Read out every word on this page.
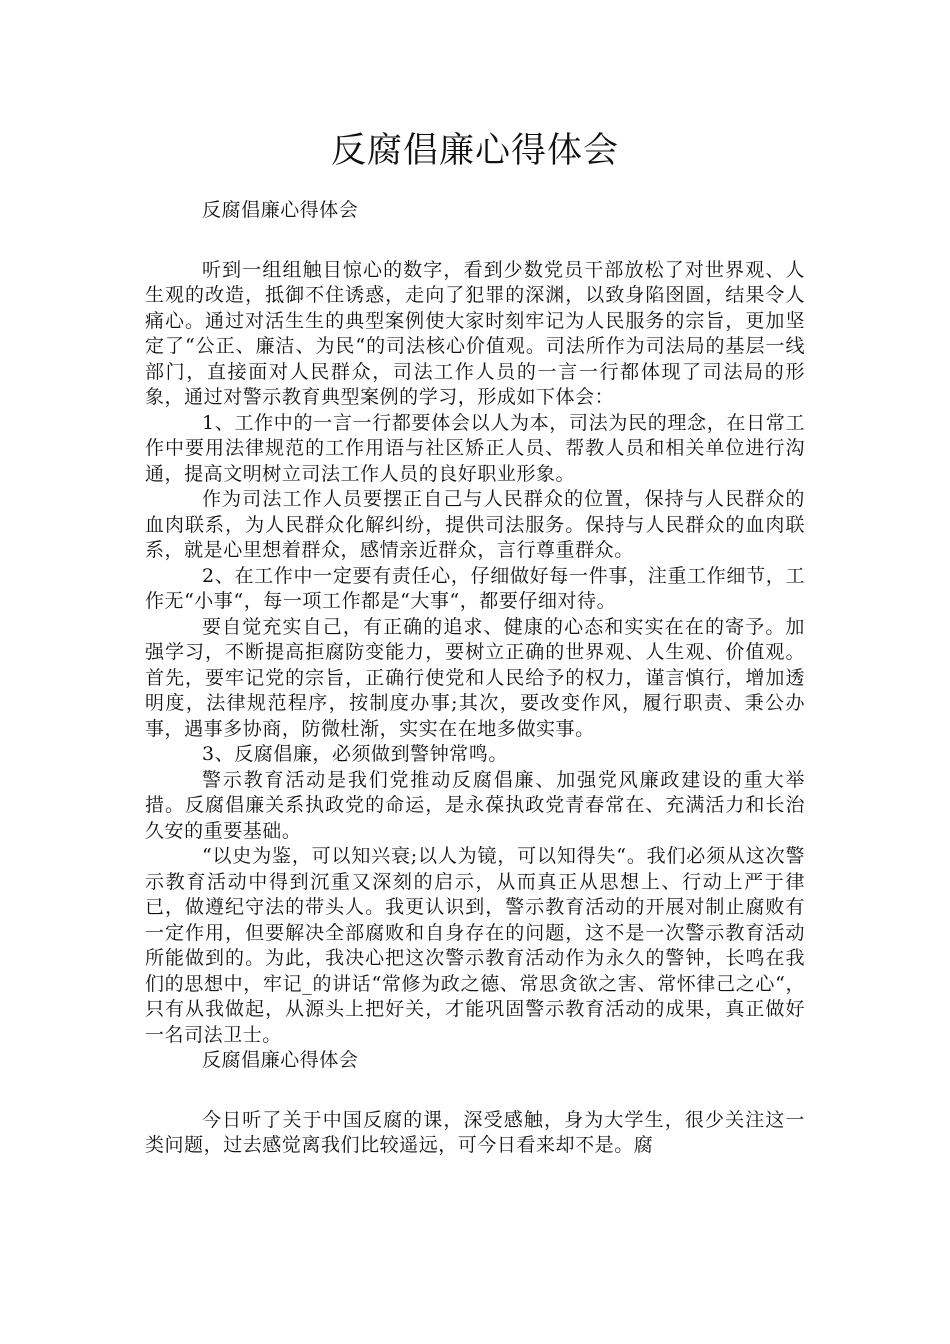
反腐倡廉心得体会

反腐倡廉心得体会

听到一组组触目惊心的数字，看到少数党员干部放松了对世界观、人生观的改造，抵御不住诱惑，走向了犯罪的深渊，以致身陷囹圄，结果令人痛心。通过对活生生的典型案例使大家时刻牢记为人民服务的宗旨，更加坚定了“公正、廉洁、为民“的司法核心价值观。司法所作为司法局的基层一线部门，直接面对人民群众，司法工作人员的一言一行都体现了司法局的形象，通过对警示教育典型案例的学习，形成如下体会：

1、工作中的一言一行都要体会以人为本，司法为民的理念，在日常工作中要用法律规范的工作用语与社区矫正人员、帮教人员和相关单位进行沟通，提高文明树立司法工作人员的良好职业形象。

作为司法工作人员要摆正自己与人民群众的位置，保持与人民群众的血肉联系，为人民群众化解纠纷，提供司法服务。保持与人民群众的血肉联系，就是心里想着群众，感情亲近群众，言行尊重群众。

2、在工作中一定要有责任心，仔细做好每一件事，注重工作细节，工作无“小事“，每一项工作都是“大事“，都要仔细对待。

要自觉充实自己，有正确的追求、健康的心态和实实在在的寄予。加强学习，不断提高拒腐防变能力，要树立正确的世界观、人生观、价值观。首先，要牢记党的宗旨，正确行使党和人民给予的权力，谨言慎行，增加透明度，法律规范程序，按制度办事;其次，要改变作风，履行职责、秉公办事，遇事多协商，防微杜渐，实实在在地多做实事。

3、反腐倡廉，必须做到警钟常鸣。

警示教育活动是我们党推动反腐倡廉、加强党风廉政建设的重大举措。反腐倡廉关系执政党的命运，是永葆执政党青春常在、充满活力和长治久安的重要基础。

“以史为鉴，可以知兴衰;以人为镜，可以知得失“。我们必须从这次警示教育活动中得到沉重又深刻的启示，从而真正从思想上、行动上严于律已，做遵纪守法的带头人。我更认识到，警示教育活动的开展对制止腐败有一定作用，但要解决全部腐败和自身存在的问题，这不是一次警示教育活动所能做到的。为此，我决心把这次警示教育活动作为永久的警钟，长鸣在我们的思想中，牢记_的讲话“常修为政之德、常思贪欲之害、常怀律己之心“，只有从我做起，从源头上把好关，才能巩固警示教育活动的成果，真正做好一名司法卫士。

反腐倡廉心得体会

今日听了关于中国反腐的课，深受感触，身为大学生，很少关注这一类问题，过去感觉离我们比较遥远，可今日看来却不是。腐
